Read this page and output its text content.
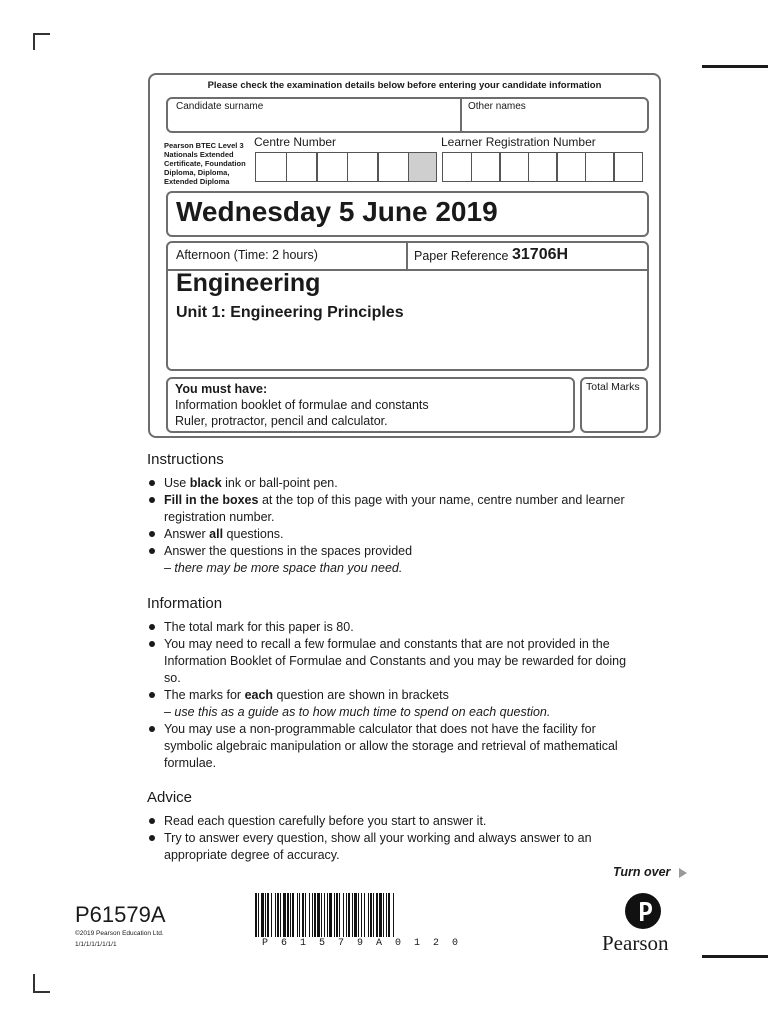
Please check the examination details below before entering your candidate information
Candidate surname	Other names
Pearson BTEC Level 3
Nationals Extended
Certificate, Foundation
Diploma, Diploma,
Extended Diploma
Centre Number	Learner Registration Number
Wednesday 5 June 2019
Afternoon (Time: 2 hours)	Paper Reference 31706H
Engineering
Unit 1: Engineering Principles
You must have:
Information booklet of formulae and constants
Ruler, protractor, pencil and calculator.
Total Marks
Instructions
Use black ink or ball-point pen.
Fill in the boxes at the top of this page with your name, centre number and learner registration number.
Answer all questions.
Answer the questions in the spaces provided
– there may be more space than you need.
Information
The total mark for this paper is 80.
You may need to recall a few formulae and constants that are not provided in the Information Booklet of Formulae and Constants and you may be rewarded for doing so.
The marks for each question are shown in brackets
– use this as a guide as to how much time to spend on each question.
You may use a non-programmable calculator that does not have the facility for symbolic algebraic manipulation or allow the storage and retrieval of mathematical formulae.
Advice
Read each question carefully before you start to answer it.
Try to answer every question, show all your working and always answer to an appropriate degree of accuracy.
Turn over
P61579A
©2019 Pearson Education Ltd.
1/1/1/1/1/1/1/1	P61579A0120	Pearson
